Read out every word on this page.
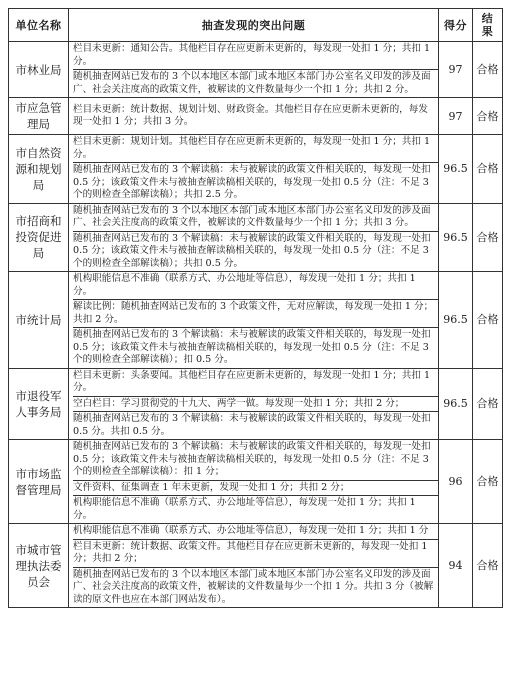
单位名称	抽查发现的突出问题	得分	结
果
市林业局	栏目未更新：通知公告。其他栏目存在应更新未更新的，每发现一处扣 1 分；共扣 1 分。
随机抽查网站已发布的 3 个以本地区本部门或本地区本部门办公室名义印发的涉及面广、社会关注度高的政策文件，被解读的文件数量每少一个扣 1 分；共扣 2 分。	97	合格
市应急管理局	栏目未更新：统计数据、规划计划、财政资金。其他栏目存在应更新未更新的，每发现一处扣 1 分；共扣 3 分。	97	合格
市自然资源和规划局	栏目未更新：规划计划。其他栏目存在应更新未更新的，每发现一处扣 1 分；共扣 1 分。
随机抽查网站已发布的 3 个解读稿：未与被解读的政策文件相关联的，每发现一处扣 0.5 分；该政策文件未与被抽查解读稿相关联的，每发现一处扣 0.5 分（注：不足 3 个的则检查全部解读稿）；共扣 2.5 分。	96.5	合格
市招商和投资促进局	随机抽查网站已发布的 3 个以本地区本部门或本地区本部门办公室名义印发的涉及面广、社会关注度高的政策文件，被解读的文件数量每少一个扣 1 分；共扣 3 分。
随机抽查网站已发布的 3 个解读稿：未与被解读的政策文件相关联的，每发现一处扣 0.5 分；该政策文件未与被抽查解读稿相关联的，每发现一处扣 0.5 分（注：不足 3 个的则检查全部解读稿）；共扣 0.5 分。	96.5	合格
市统计局	机构职能信息不准确（联系方式、办公地址等信息），每发现一处扣 1 分；共扣 1 分。
解读比例：随机抽查网站已发布的 3 个政策文件，无对应解读，每发现一处扣 1 分；共扣 2 分。
随机抽查网站已发布的 3 个解读稿：未与被解读的政策文件相关联的，每发现一处扣 0.5 分；该政策文件未与被抽查解读稿相关联的，每发现一处扣 0.5 分（注：不足 3 个的则检查全部解读稿）；扣 0.5 分。	96.5	合格
市退役军人事务局	栏目未更新：头条要闻。其他栏目存在应更新未更新的，每发现一处扣 1 分；共扣 1 分。
空白栏目：学习贯彻党的十九大、两学一做。每发现一处扣 1 分；共扣 2 分；
随机抽查网站已发布的 3 个解读稿：未与被解读的政策文件相关联的，每发现一处扣 0.5 分。共扣 0.5 分。	96.5	合格
市市场监督管理局	随机抽查网站已发布的 3 个解读稿：未与被解读的政策文件相关联的，每发现一处扣 0.5 分；该政策文件未与被抽查解读稿相关联的，每发现一处扣 0.5 分（注：不足 3 个的则检查全部解读稿）：扣 1 分；
文件资料、征集调查 1 年未更新，发现一处扣 1 分；共扣 2 分；
机构职能信息不准确（联系方式、办公地址等信息），每发现一处扣 1 分；共扣 1 分。	96	合格
市城市管理执法委员会	机构职能信息不准确（联系方式、办公地址等信息），每发现一处扣 1 分；共扣 1 分
栏目未更新：统计数据、政策文件。其他栏目存在应更新未更新的，每发现一处扣 1 分；共扣 2 分；
随机抽查网站已发布的 3 个以本地区本部门或本地区本部门办公室名义印发的涉及面广、社会关注度高的政策文件，被解读的文件数量每少一个扣 1 分。共扣 3 分（被解读的原文件也应在本部门网站发布）。	94	合格
